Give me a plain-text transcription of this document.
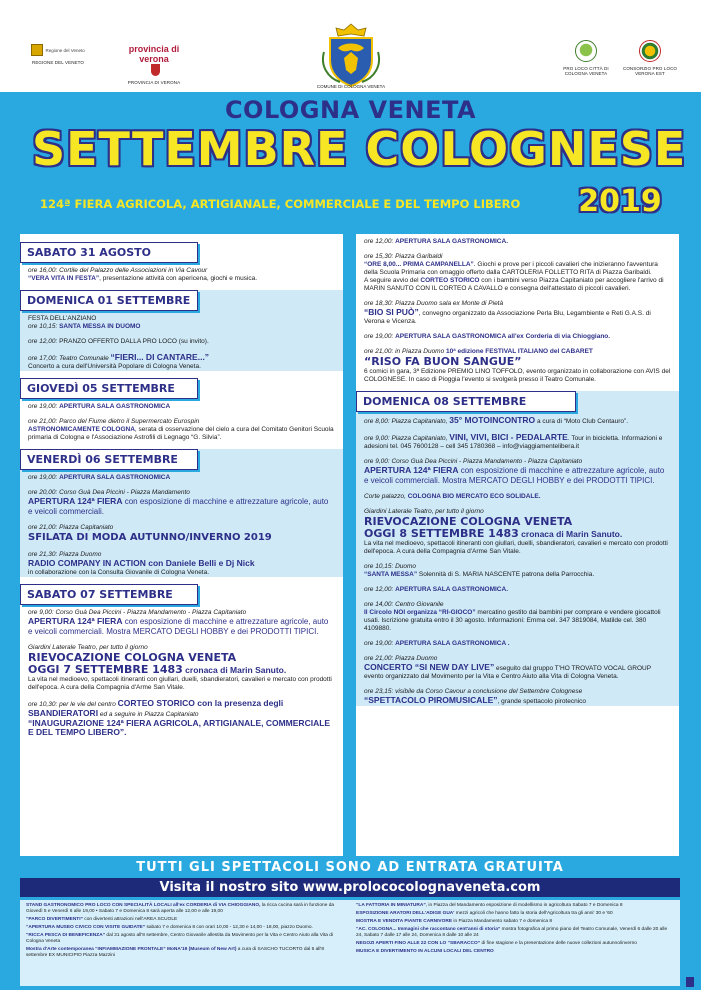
Regione del Veneto
REGIONE DEL VENETO
provincia di verona
PROVINCIA DI VERONA
COMUNE DI COLOGNA VENETA
PRO LOCO CITTÀ DI COLOGNA VENETA
CONSORZIO PRO LOCO VERONA EST
COLOGNA VENETA
SETTEMBRE COLOGNESE
124ª FIERA AGRICOLA, ARTIGIANALE, COMMERCIALE E DEL TEMPO LIBERO	2019
SABATO 31 AGOSTO
ore 16,00: Cortile del Palazzo delle Associazioni in Via Cavour
“VERA VITA IN FESTA”, presentazione attività con apericena, giochi e musica.
DOMENICA 01 SETTEMBRE
FESTA DELL'ANZIANO
ore 10,15: SANTA MESSA IN DUOMO
ore 12,00: PRANZO OFFERTO DALLA PRO LOCO (su invito).
ore 17,00: Teatro Comunale “FIERI... DI CANTARE...”
Concerto a cura dell'Università Popolare di Cologna Veneta.
GIOVEDÌ 05 SETTEMBRE
ore 19,00: APERTURA SALA GASTRONOMICA
ore 21,00: Parco del Fiume dietro il Supermercato Eurospin
ASTRONOMICAMENTE COLOGNA, serata di osservazione del cielo a cura del Comitato Genitori Scuola primaria di Cologna e l'Associazione Astrofili di Legnago “G. Silvia”.
VENERDÌ 06 SETTEMBRE
ore 19,00: APERTURA SALA GASTRONOMICA
ore 20,00: Corso Guà Dea Piccini - Piazza Mandamento
APERTURA 124ª FIERA con esposizione di macchine e attrezzature agricole, auto e veicoli commerciali.
ore 21,00: Piazza Capitaniato
SFILATA DI MODA AUTUNNO/INVERNO 2019
ore 21,30: Piazza Duomo
RADIO COMPANY IN ACTION con Daniele Belli e Dj Nick
in collaborazione con la Consulta Giovanile di Cologna Veneta.
SABATO 07 SETTEMBRE
ore 9,00: Corso Guà Dea Piccini - Piazza Mandamento - Piazza Capitaniato
APERTURA 124ª FIERA con esposizione di macchine e attrezzature agricole, auto e veicoli commerciali. Mostra MERCATO DEGLI HOBBY e dei PRODOTTI TIPICI.
Giardini Laterale Teatro, per tutto il giorno
RIEVOCAZIONE COLOGNA VENETA
OGGI 7 SETTEMBRE 1483 cronaca di Marin Sanuto.
La vita nel medioevo, spettacoli itineranti con giullari, duelli, sbandieratori, cavalieri e mercato con prodotti dell'epoca. A cura della Compagnia d'Arme San Vitale.
ore 10,30: per le vie del centro CORTEO STORICO con la presenza degli SBANDIERATORI ed a seguire in Piazza Capitaniato
“INAUGURAZIONE 124ª FIERA AGRICOLA, ARTIGIANALE, COMMERCIALE E DEL TEMPO LIBERO”.
ore 12,00: APERTURA SALA GASTRONOMICA.
ore 15,30: Piazza Garibaldi
“ORE 8,00... PRIMA CAMPANELLA”. Giochi e prove per i piccoli cavalieri che inizieranno l'avventura della Scuola Primaria con omaggio offerto dalla CARTOLERIA FOLLETTO RITA di Piazza Garibaldi.
A seguire avvio del CORTEO STORICO con i bambini verso Piazza Capitaniato per accogliere l'arrivo di MARIN SANUTO CON IL CORTEO A CAVALLO e consegna dell'attestato di piccoli cavalieri.
ore 18,30: Piazza Duomo sala ex Monte di Pietà
“BIO SI PUÒ”, convegno organizzato da Associazione Perla Blu, Legambiente e Reti G.A.S. di Verona e Vicenza.
ore 19,00: APERTURA SALA GASTRONOMICA all'ex Corderia di via Chioggiano.
ore 21,00: in Piazza Duomo 10ª edizione FESTIVAL ITALIANO del CABARET
“RISO FA BUON SANGUE”
6 comici in gara, 3ª Edizione PREMIO LINO TOFFOLO, evento organizzato in collaborazione con AVIS del COLOGNESE. In caso di Pioggia l'evento si svolgerà presso il Teatro Comunale.
DOMENICA 08 SETTEMBRE
ore 8,00: Piazza Capitaniato, 35° MOTOINCONTRO a cura di “Moto Club Centauro”.
ore 9,00: Piazza Capitaniato, VINI, VIVI, BICI - PEDALARTE. Tour in bicicletta. Informazioni e adesioni tel. 045 7600128 – cell 345 1780368 – info@viaggiamentelibera.it
ore 9,00: Corso Guà Dea Piccini - Piazza Mandamento - Piazza Capitaniato
APERTURA 124ª FIERA con esposizione di macchine e attrezzature agricole, auto e veicoli commerciali. Mostra MERCATO DEGLI HOBBY e dei PRODOTTI TIPICI.
Corte palazzo, COLOGNA BIO MERCATO ECO SOLIDALE.
Giardini Laterale Teatro, per tutto il giorno
RIEVOCAZIONE COLOGNA VENETA
OGGI 8 SETTEMBRE 1483 cronaca di Marin Sanuto.
La vita nel medioevo, spettacoli itineranti con giullari, duelli, sbandieratori, cavalieri e mercato con prodotti dell'epoca. A cura della Compagnia d'Arme San Vitale.
ore 10,15: Duomo
“SANTA MESSA” Solennità di S. MARIA NASCENTE patrona della Parrocchia.
ore 12,00: APERTURA SALA GASTRONOMICA.
ore 14,00: Centro Giovanile
Il Circolo NOI organizza “RI-GIOCO” mercatino gestito dai bambini per comprare e vendere giocattoli usati. Iscrizione gratuita entro il 30 agosto. Informazioni: Emma cel. 347 3819084, Matilde cel. 380 4109880.
ore 19,00: APERTURA SALA GASTRONOMICA .
ore 21,00: Piazza Duomo
CONCERTO “SI NEW DAY LIVE” eseguito dal gruppo T'HO TROVATO VOCAL GROUP evento organizzato dal Movimento per la Vita e Centro Aiuto alla Vita di Cologna Veneta.
ore 23,15: visibile da Corso Cavour a conclusione del Settembre Colognese
“SPETTACOLO PIROMUSICALE”, grande spettacolo pirotecnico
TUTTI GLI SPETTACOLI SONO AD ENTRATA GRATUITA
Visita il nostro sito www.prolococolognaveneta.com
STAND GASTRONOMICO PRO LOCO CON SPECIALITÀ LOCALI all'ex CORDERIA di VIA CHIOGGIANO, la ricca cucina sarà in funzione da Giovedì 5 e Venerdì 6 alle 19,00 • Sabato 7 e Domenica 8 sarà aperta alle 12,00 e alle 19,00
“PARCO DIVERTIMENTI” con divertenti attrazioni nell'AREA SCUOLE
“APERTURA MUSEO CIVICO CON VISITE GUIDATE” sabato 7 e domenica 8 con orari 10,00 - 12,30 e 14,00 - 18,00, piazzo Duomo.
“RICCA PESCA DI BENEFICENZA” dal 31 agosto all'8 settembre, Centro Giovanile allestita da Movimento per la Vita e Centro Aiuto alla Vita di Cologna Veneta
Mostra d'Arte contemporanea “INFIAMMAZIONE FRONTALE” MoNA'19 (Museum of New Art) a cura di SASCHO TUCORTO dal 6 all'8 settembre EX MUNICIPIO Piazza Mazzini
“LA FATTORIA IN MINIATURA”, in Piazza del Mandamento esposizione di modellismo in agricoltura Sabato 7 e Domenica 8
ESPOSIZIONE ARATORI DELL'ADIGE GUA' mezzi agricoli che hanno fatto la storia dell'Agricoltura tra gli anni' 30 e '60
MOSTRA E VENDITA PIANTE CARNIVORE in Piazza Mandamento sabato 7 e domenica 8
“AC. COLOGNA... Immagini che raccontano cent'anni di storia” mostra fotografica al primo piano del Teatro Comunale, Venerdì 6 dalle 20 alle 24, Sabato 7 dalle 17 alle 24, Domenica 8 dalle 10 alle 24
NEGOZI APERTI FINO ALLE 22 CON LO “SBARACCO” di fine stagione e la presentazione delle nuove collezioni autunno/inverno
MUSICA E DIVERTIMENTO IN ALCUNI LOCALI DEL CENTRO
